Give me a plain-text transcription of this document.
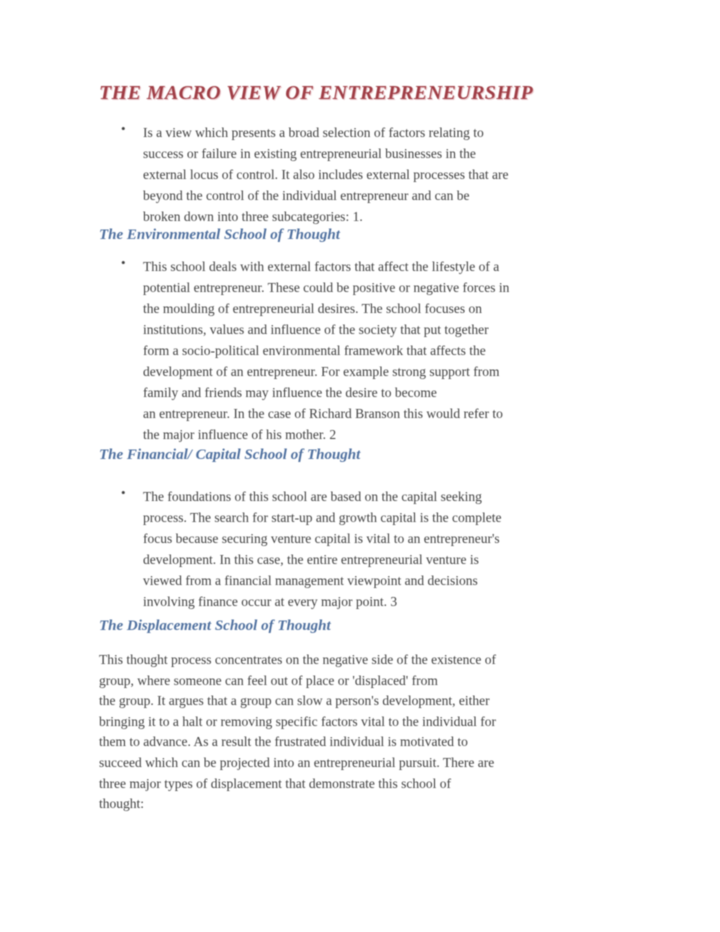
THE MACRO VIEW OF ENTREPRENEURSHIP
• Is a view which presents a broad selection of factors relating to
success or failure in existing entrepreneurial businesses in the
external locus of control. It also includes external processes that are
beyond the control of the individual entrepreneur and can be
broken down into three subcategories: 1.
The Environmental School of Thought
• This school deals with external factors that affect the lifestyle of a
potential entrepreneur. These could be positive or negative forces in
the moulding of entrepreneurial desires. The school focuses on
institutions, values and influence of the society that put together
form a socio-political environmental framework that affects the
development of an entrepreneur. For example strong support from
family and friends may influence the desire to become
an entrepreneur. In the case of Richard Branson this would refer to
the major influence of his mother. 2
The Financial/ Capital School of Thought
• The foundations of this school are based on the capital seeking
process. The search for start-up and growth capital is the complete
focus because securing venture capital is vital to an entrepreneur's
development. In this case, the entire entrepreneurial venture is
viewed from a financial management viewpoint and decisions
involving finance occur at every major point. 3
The Displacement School of Thought
This thought process concentrates on the negative side of the existence of
group, where someone can feel out of place or 'displaced' from
the group. It argues that a group can slow a person's development, either
bringing it to a halt or removing specific factors vital to the individual for
them to advance. As a result the frustrated individual is motivated to
succeed which can be projected into an entrepreneurial pursuit. There are
three major types of displacement that demonstrate this school of
thought:
